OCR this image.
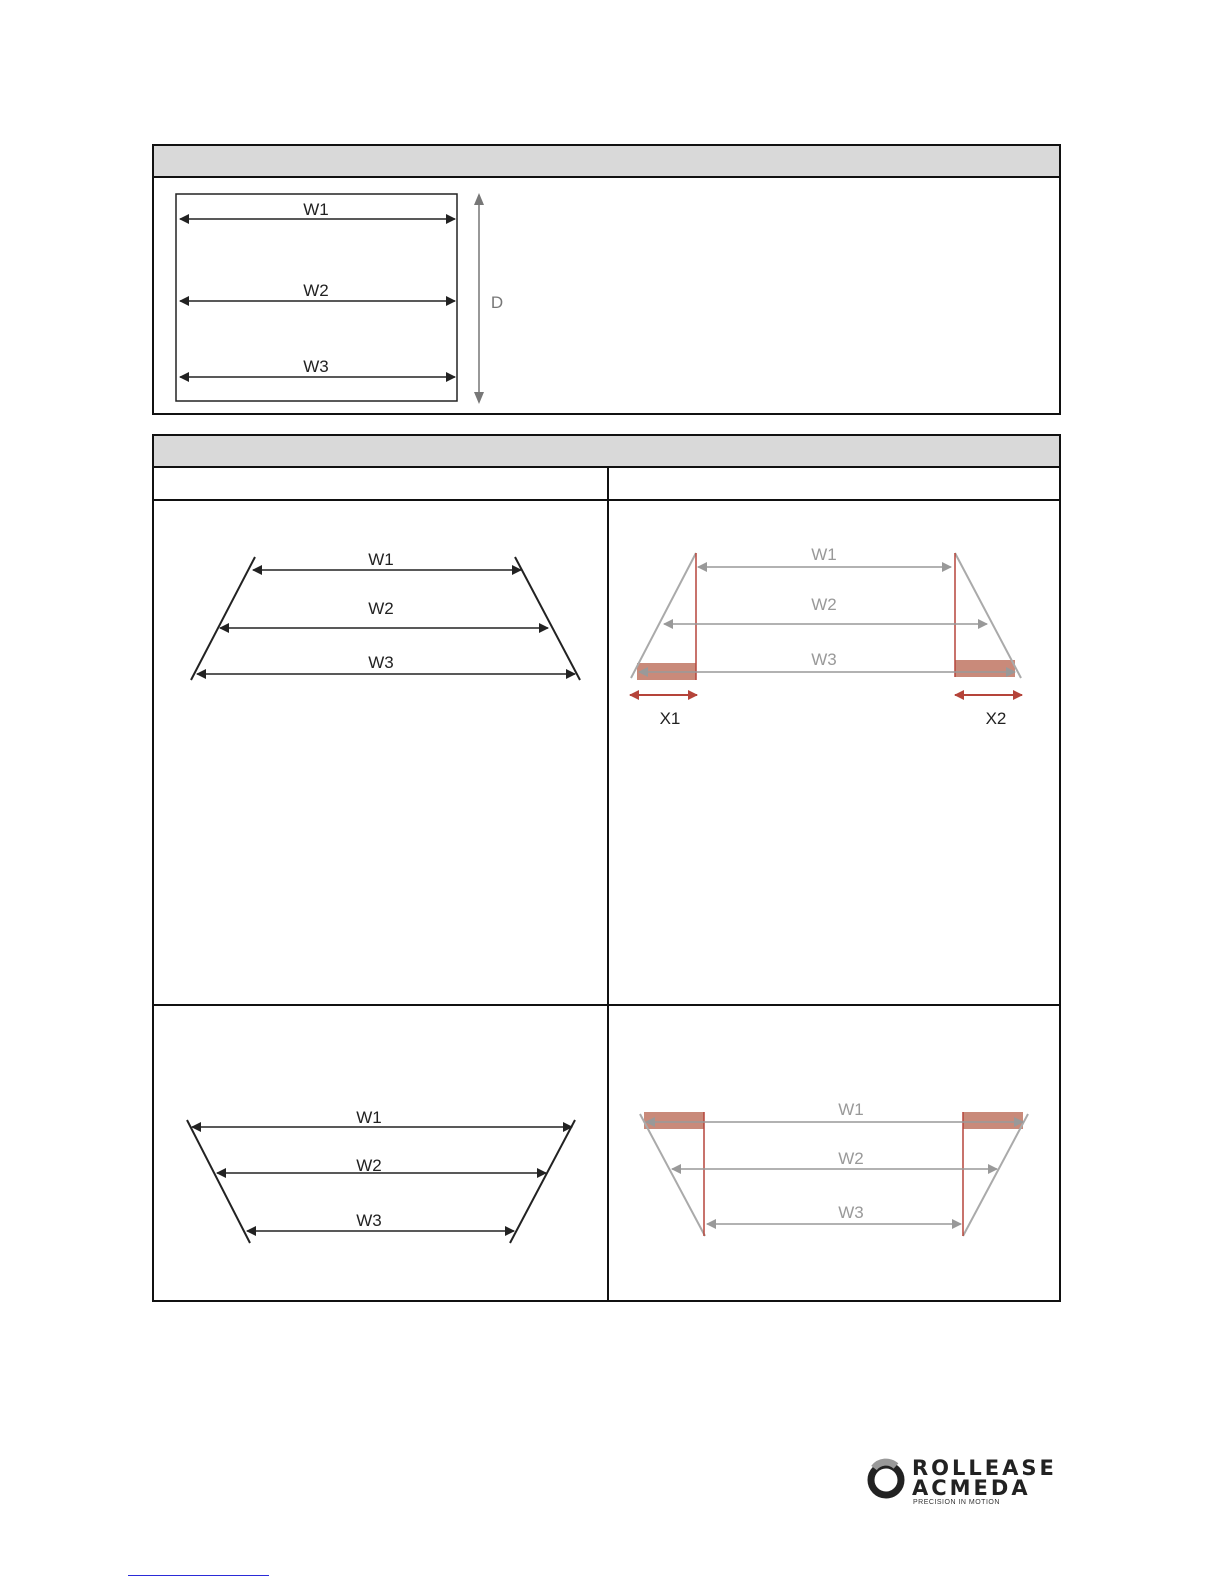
W1
W2
W3
D
W1
W2
W3
W1
W2
W3
X1	X2
W1
W2
W3
W1
W2
W3
ROLLEASE
ACMEDA
PRECISION IN MOTION
